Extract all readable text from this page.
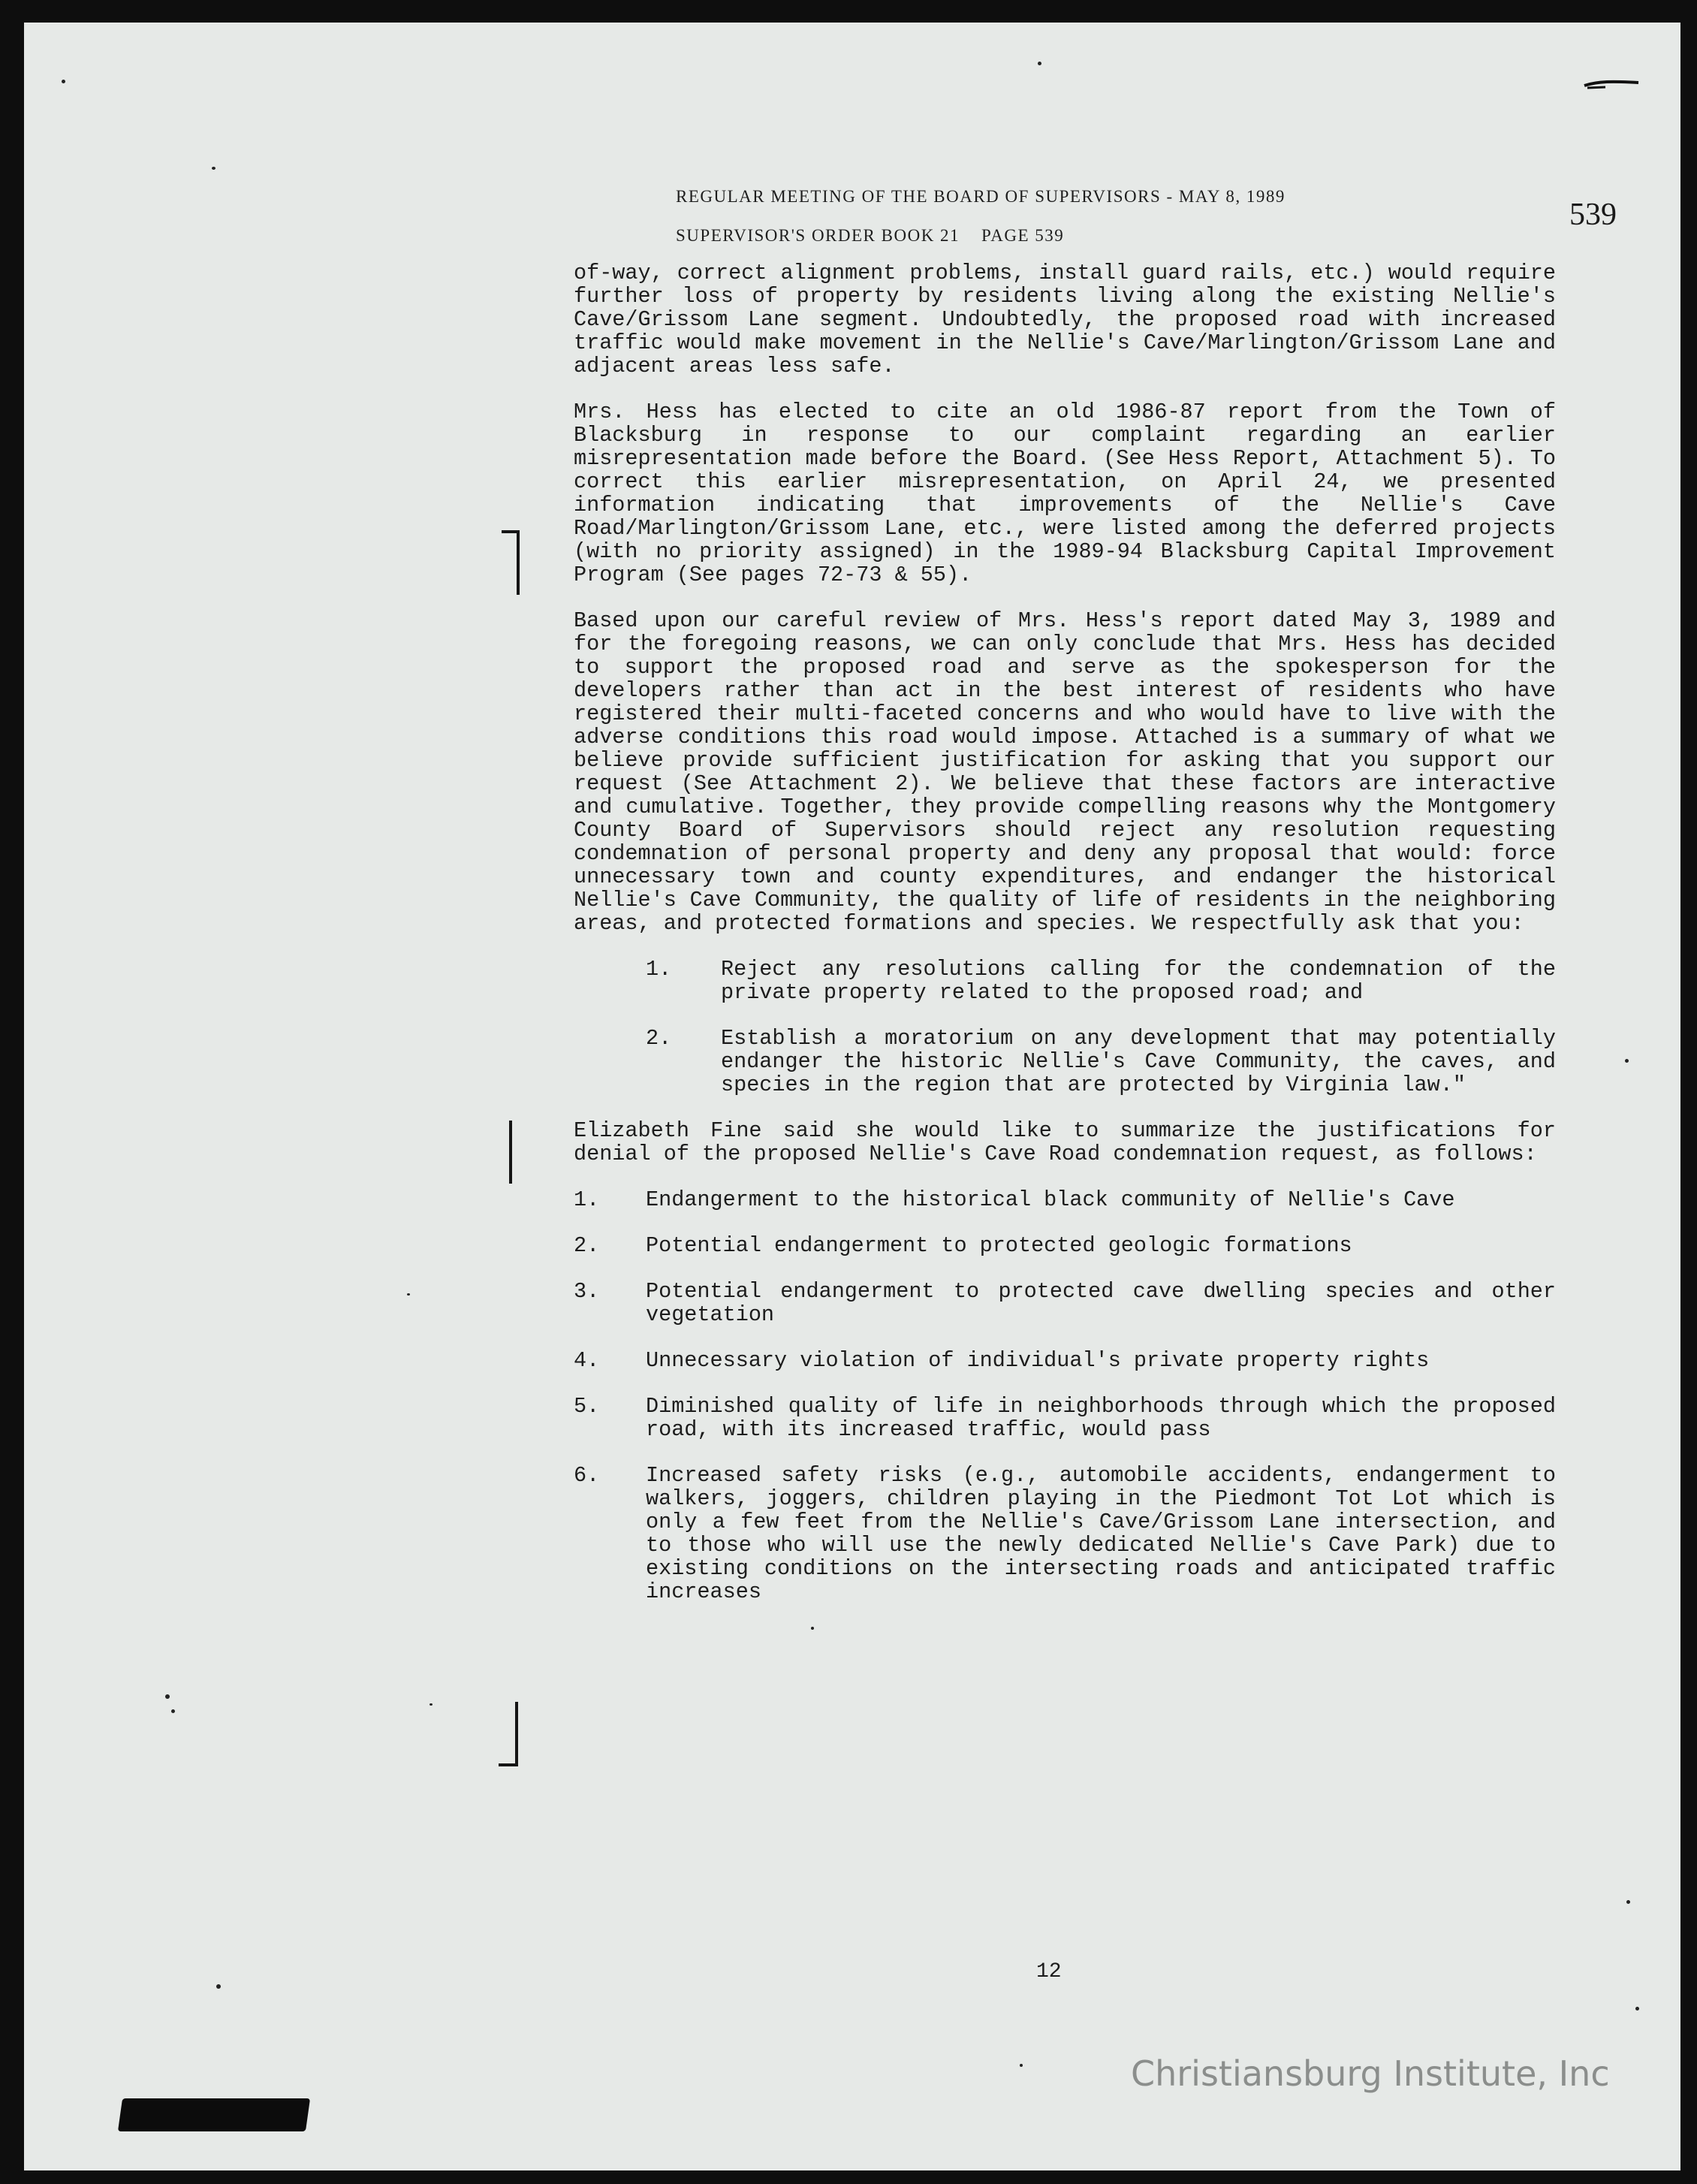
REGULAR MEETING OF THE BOARD OF SUPERVISORS - MAY 8, 1989
SUPERVISOR'S ORDER BOOK 21    PAGE 539
539

of-way, correct alignment problems, install guard rails, etc.) would require further loss of property by residents living along the existing Nellie's Cave/Grissom Lane segment. Undoubtedly, the proposed road with increased traffic would make movement in the Nellie's Cave/Marlington/Grissom Lane and adjacent areas less safe.

Mrs. Hess has elected to cite an old 1986-87 report from the Town of Blacksburg in response to our complaint regarding an earlier misrepresentation made before the Board. (See Hess Report, Attachment 5). To correct this earlier misrepresentation, on April 24, we presented information indicating that improvements of the Nellie's Cave Road/Marlington/Grissom Lane, etc., were listed among the deferred projects (with no priority assigned) in the 1989-94 Blacksburg Capital Improvement Program (See pages 72-73 & 55).

Based upon our careful review of Mrs. Hess's report dated May 3, 1989 and for the foregoing reasons, we can only conclude that Mrs. Hess has decided to support the proposed road and serve as the spokesperson for the developers rather than act in the best interest of residents who have registered their multi-faceted concerns and who would have to live with the adverse conditions this road would impose. Attached is a summary of what we believe provide sufficient justification for asking that you support our request (See Attachment 2). We believe that these factors are interactive and cumulative. Together, they provide compelling reasons why the Montgomery County Board of Supervisors should reject any resolution requesting condemnation of personal property and deny any proposal that would: force unnecessary town and county expenditures, and endanger the historical Nellie's Cave Community, the quality of life of residents in the neighboring areas, and protected formations and species. We respectfully ask that you:

1. Reject any resolutions calling for the condemnation of the private property related to the proposed road; and
2. Establish a moratorium on any development that may potentially endanger the historic Nellie's Cave Community, the caves, and species in the region that are protected by Virginia law."

Elizabeth Fine said she would like to summarize the justifications for denial of the proposed Nellie's Cave Road condemnation request, as follows:

1. Endangerment to the historical black community of Nellie's Cave
2. Potential endangerment to protected geologic formations
3. Potential endangerment to protected cave dwelling species and other vegetation
4. Unnecessary violation of individual's private property rights
5. Diminished quality of life in neighborhoods through which the proposed road, with its increased traffic, would pass
6. Increased safety risks (e.g., automobile accidents, endangerment to walkers, joggers, children playing in the Piedmont Tot Lot which is only a few feet from the Nellie's Cave/Grissom Lane intersection, and to those who will use the newly dedicated Nellie's Cave Park) due to existing conditions on the intersecting roads and anticipated traffic increases
12
Christiansburg Institute, Inc
